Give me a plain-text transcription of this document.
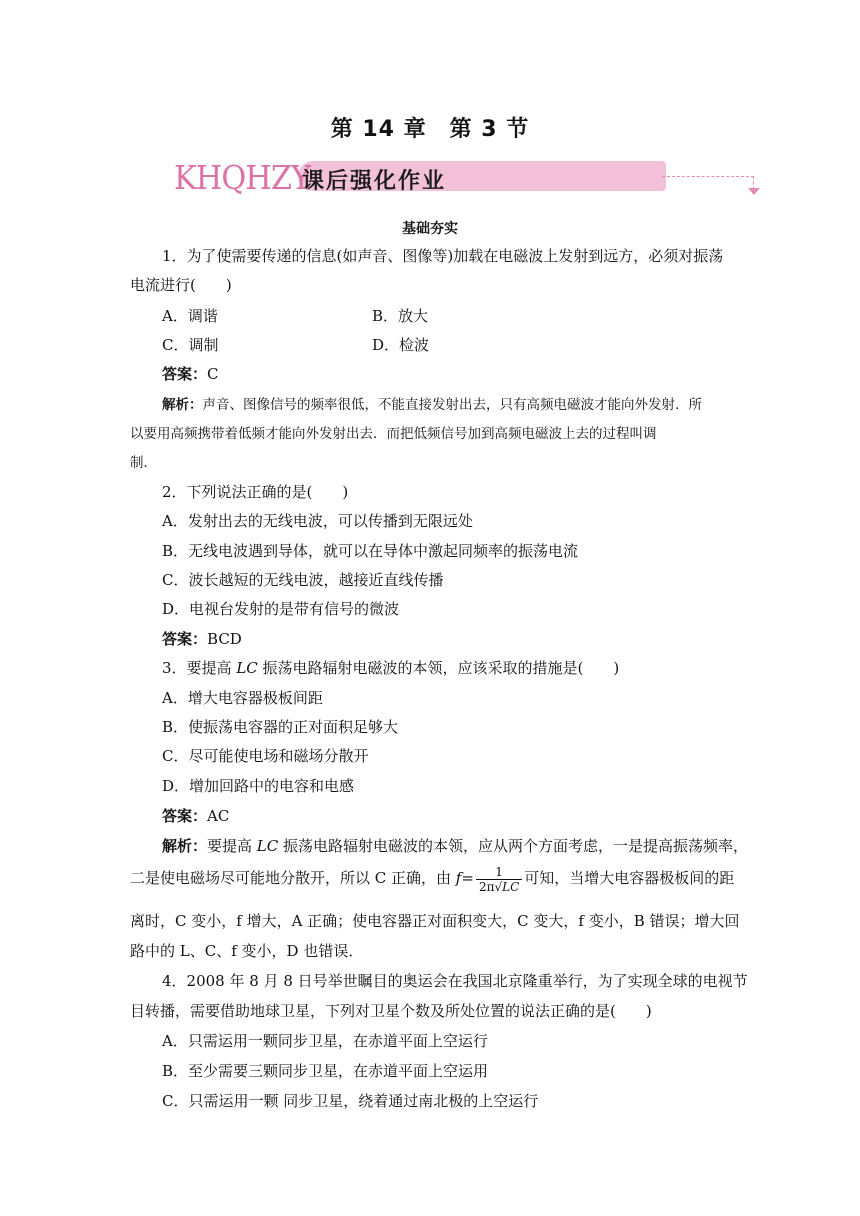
第 14 章　第 3 节
KHQHZY
课后强化作业
基础夯实
1．为了使需要传递的信息(如声音、图像等)加载在电磁波上发射到远方，必须对振荡
电流进行(　　)
A．调谐	B．放大
C．调制	D．检波
答案：C
解析：声音、图像信号的频率很低，不能直接发射出去，只有高频电磁波才能向外发射．所
以要用高频携带着低频才能向外发射出去．而把低频信号加到高频电磁波上去的过程叫调
制．
2．下列说法正确的是(　　)
A．发射出去的无线电波，可以传播到无限远处
B．无线电波遇到导体，就可以在导体中激起同频率的振荡电流
C．波长越短的无线电波，越接近直线传播
D．电视台发射的是带有信号的微波
答案：BCD
3．要提高 LC 振荡电路辐射电磁波的本领，应该采取的措施是(　　)
A．增大电容器极板间距
B．使振荡电容器的正对面积足够大
C．尽可能使电场和磁场分散开
D．增加回路中的电容和电感
答案：AC
解析：要提高 LC 振荡电路辐射电磁波的本领，应从两个方面考虑，一是提高振荡频率，
二是使电磁场尽可能地分散开，所以 C 正确，由 $f= \frac{1}{2\pi√LC}$ 可知，当增大电容器极板间的距
离时，C 变小，f 增大，A 正确；使电容器正对面积变大，C 变大，f 变小，B 错误；增大回
路中的 L、C、f 变小，D 也错误．
4．2008 年 8 月 8 日号举世瞩目的奥运会在我国北京隆重举行，为了实现全球的电视节
目转播，需要借助地球卫星，下列对卫星个数及所处位置的说法正确的是(　　)
A．只需运用一颗同步卫星，在赤道平面上空运行
B．至少需要三颗同步卫星，在赤道平面上空运用
C．只需运用一颗 同步卫星，绕着通过南北极的上空运行
